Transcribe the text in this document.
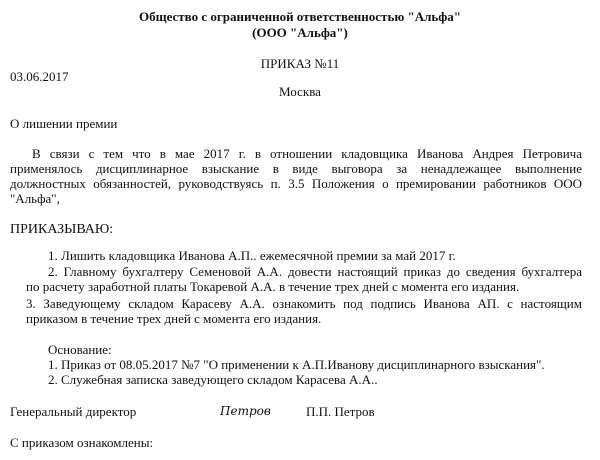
Общество с ограниченной ответственностью "Альфа"
(ООО "Альфа")
ПРИКАЗ №11
03.06.2017
Москва
О лишении премии
В связи с тем что в мае 2017 г. в отношении кладовщика Иванова Андрея Петровича
применялось дисциплинарное взыскание в виде выговора за ненадлежащее выполнение
должностных обязанностей, руководствуясь п. 3.5 Положения о премировании работников ООО
"Альфа",
ПРИКАЗЫВАЮ:
1. Лишить кладовщика Иванова А.П.. ежемесячной премии за май 2017 г.
2. Главному бухгалтеру Семеновой А.А. довести настоящий приказ до сведения бухгалтера
по расчету заработной платы Токаревой А.А. в течение трех дней с момента его издания.
3. Заведующему складом Карасеву А.А. ознакомить под подпись Иванова АП. с настоящим
приказом в течение трех дней с момента его издания.
Основание:
1. Приказ от 08.05.2017 №7 "О применении к А.П.Иванову дисциплинарного взыскания".
2. Служебная записка заведующего складом Карасева А.А..
Генеральный директор	Петров	П.П. Петров
С приказом ознакомлены:
